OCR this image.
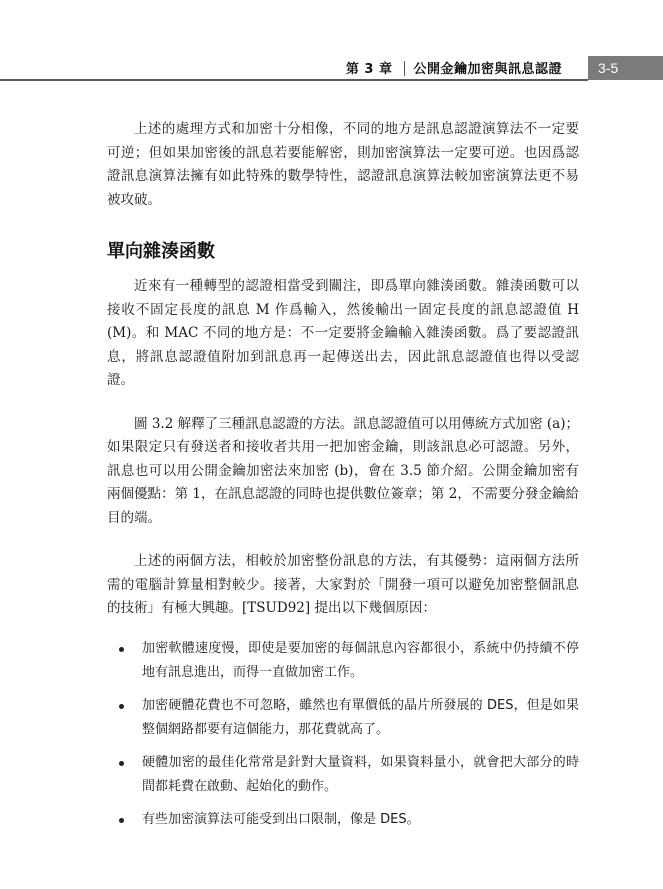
第 3 章 公開金鑰加密與訊息認證	3-5

上述的處理方式和加密十分相像，不同的地方是訊息認證演算法不一定要可逆；但如果加密後的訊息若要能解密，則加密演算法一定要可逆。也因爲認證訊息演算法擁有如此特殊的數學特性，認證訊息演算法較加密演算法更不易被攻破。

單向雜湊函數

近來有一種轉型的認證相當受到關注，即爲單向雜湊函數。雜湊函數可以接收不固定長度的訊息 M 作爲輸入，然後輸出一固定長度的訊息認證值 H(M)。和 MAC 不同的地方是：不一定要將金鑰輸入雜湊函數。爲了要認證訊息，將訊息認證值附加到訊息再一起傳送出去，因此訊息認證值也得以受認證。

圖 3.2 解釋了三種訊息認證的方法。訊息認證值可以用傳統方式加密 (a)；如果限定只有發送者和接收者共用一把加密金鑰，則該訊息必可認證。另外，訊息也可以用公開金鑰加密法來加密 (b)，會在 3.5 節介紹。公開金鑰加密有兩個優點：第 1，在訊息認證的同時也提供數位簽章；第 2，不需要分發金鑰給目的端。

上述的兩個方法，相較於加密整份訊息的方法，有其優勢：這兩個方法所需的電腦計算量相對較少。接著，大家對於「開發一項可以避免加密整個訊息的技術」有極大興趣。[TSUD92] 提出以下幾個原因：

加密軟體速度慢，即使是要加密的每個訊息內容都很小，系統中仍持續不停地有訊息進出，而得一直做加密工作。
加密硬體花費也不可忽略，雖然也有單價低的晶片所發展的 DES，但是如果整個網路都要有這個能力，那花費就高了。
硬體加密的最佳化常常是針對大量資料，如果資料量小，就會把大部分的時間都耗費在啟動、起始化的動作。
有些加密演算法可能受到出口限制，像是 DES。
